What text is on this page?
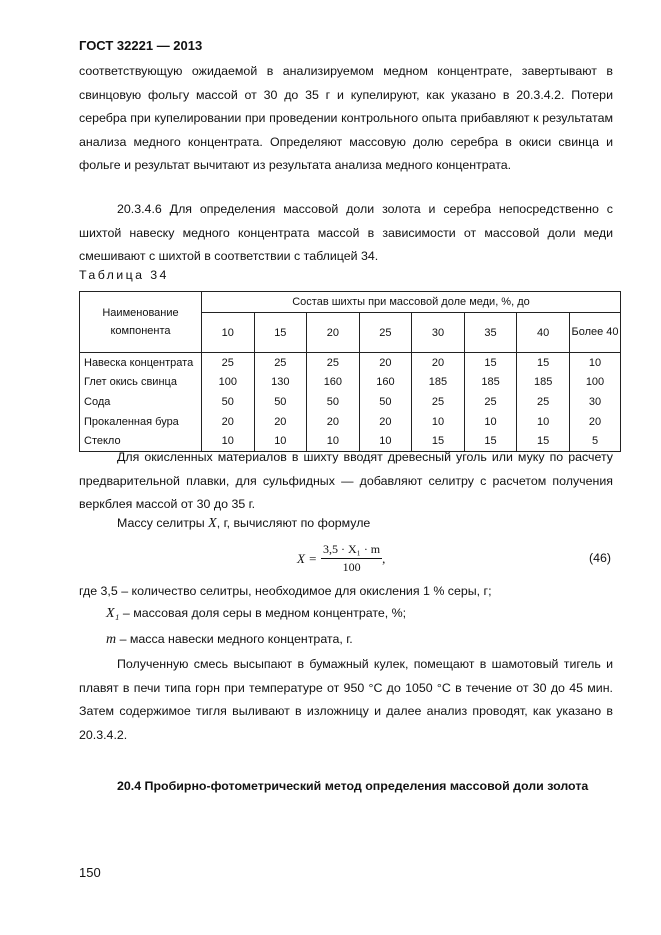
ГОСТ 32221 — 2013
соответствующую ожидаемой в анализируемом медном концентрате, завертывают в свинцовую фольгу массой от 30 до 35 г и купелируют, как указано в 20.3.4.2. Потери серебра при купелировании при проведении контрольного опыта прибавляют к результатам анализа медного концентрата. Определяют массовую долю серебра в окиси свинца и фольге и результат вычитают из результата анализа медного концентрата.
20.3.4.6 Для определения массовой доли золота и серебра непосредственно с шихтой навеску медного концентрата массой в зависимости от массовой доли меди смешивают с шихтой в соответствии с таблицей 34.
Таблица 34
Наименование компонента	Состав шихты при массовой доле меди, %, до							
	10	15	20	25	30	35	40	Более 40
Навеска концентрата	25	25	25	20	20	15	15	10
Глет окись свинца	100	130	160	160	185	185	185	100
Сода	50	50	50	50	25	25	25	30
Прокаленная бура	20	20	20	20	10	10	10	20
Стекло	10	10	10	10	15	15	15	5
Для окисленных материалов в шихту вводят древесный уголь или муку по расчету предварительной плавки, для сульфидных — добавляют селитру с расчетом получения веркблея массой от 30 до 35 г.
Массу селитры X, г, вычисляют по формуле
$X = \frac{\text{3,5 · X₁ · m}}{100}$ ,	(46)
где 3,5 – количество селитры, необходимое для окисления 1 % серы, г;
X₁ – массовая доля серы в медном концентрате, %;
m – масса навески медного концентрата, г.
Полученную смесь высыпают в бумажный кулек, помещают в шамотовый тигель и плавят в печи типа горн при температуре от 950 °С до 1050 °С в течение от 30 до 45 мин. Затем содержимое тигля выливают в изложницу и далее анализ проводят, как указано в 20.3.4.2.
20.4 Пробирно-фотометрический метод определения массовой доли золота
150
